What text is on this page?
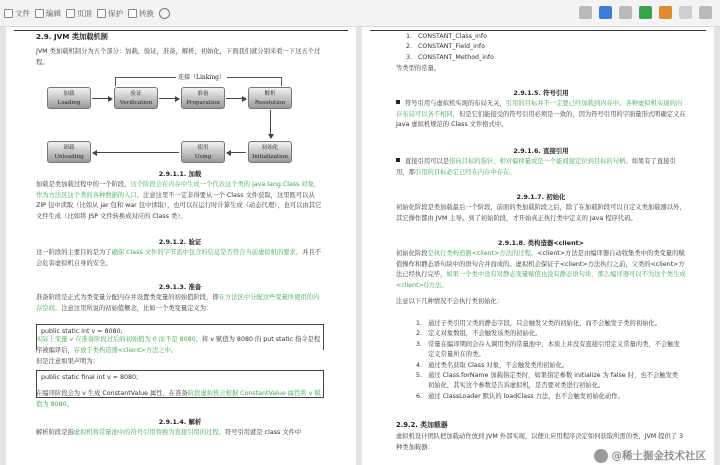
文件 编辑 页面 保护 转换
2.9. JVM 类加载机制

JVM 类加载机制分为五个部分：加载，验证，准备，解析，初始化，下面我们就分别来看一下这五个过程。

连接（Linking）
加载
Loading
验证
Verification
准备
Preparation
解析
Resolution
卸载
Unloading
使用
Using
初始化
Initialization
2.9.1.1. 加载

加载是类加载过程中的一个阶段，这个阶段会在内存中生成一个代表这个类的 java.lang.Class 对象，作为方法区这个类的各种数据的入口。注意这里不一定非得要从一个 Class 文件获取，这里既可以从 ZIP 包中读取（比如从 jar 包和 war 包中读取），也可以在运行时计算生成（动态代理），也可以由其它文件生成（比如将 JSP 文件转换成对应的 Class 类）。

2.9.1.2. 验证

这一阶段的主要目的是为了确保 Class 文件的字节流中包含的信息是否符合当前虚拟机的要求，并且不会危害虚拟机自身的安全。

2.9.1.3. 准备

准备阶段是正式为类变量分配内存并设置类变量的初始值阶段，即在方法区中分配这些变量所使用的内存空间。注意这里所说的初始值概念，比如一个类变量定义为：

public static int v = 8080;

实际上变量 v 在准备阶段过后的初始值为 0 而不是 8080，将 v 赋值为 8080 的 put static 指令是程序被编译后，存放于类构造器<client>方法之中。

但是注意如果声明为：

public static final int v = 8080;

在编译阶段会为 v 生成 ConstantValue 属性，在准备阶段虚拟机会根据 ConstantValue 属性将 v 赋值为 8080。

2.9.1.4. 解析

解析阶段是指虚拟机将常量池中的符号引用替换为直接引用的过程。符号引用就是 class 文件中

1. CONSTANT_Class_info
2. CONSTANT_Field_info
3. CONSTANT_Method_info

等类型的常量。

2.9.1.5. 符号引用

符号引用与虚拟机实现的布局无关，引用的目标并不一定要已经加载到内存中。各种虚拟机实现的内存布局可以各不相同，但是它们能接受的符号引用必须是一致的，因为符号引用的字面量形式明确定义在 Java 虚拟机规范的 Class 文件格式中。

2.9.1.6. 直接引用

直接引用可以是指向目标的指针，相对偏移量或是一个能间接定位到目标的句柄。如果有了直接引用，那引用的目标必定已经在内存中存在。

2.9.1.7. 初始化

初始化阶段是类加载最后一个阶段，前面的类加载阶段之后，除了在加载阶段可以自定义类加载器以外，其它操作都由 JVM 主导。到了初始阶段，才开始真正执行类中定义的 Java 程序代码。

2.9.1.8. 类构造器<client>

初始化阶段是执行类构造器<client>方法的过程。<client>方法是由编译器自动收集类中的类变量的赋值操作和静态语句块中的语句合并而成的。虚拟机会保证子<client>方法执行之前，父类的<client>方法已经执行完毕，如果一个类中没有对静态变量赋值也没有静态语句块，那么编译器可以不为这个类生成<client>()方法。

注意以下几种情况不会执行类初始化：

1. 通过子类引用父类的静态字段，只会触发父类的初始化，而不会触发子类的初始化。
2. 定义对象数组，不会触发该类的初始化。
3. 常量在编译期间会存入调用类的常量池中，本质上并没有直接引用定义常量的类，不会触发定义常量所在的类。
4. 通过类名获取 Class 对象，不会触发类的初始化。
5. 通过 Class.forName 加载指定类时，如果指定参数 initialize 为 false 时，也不会触发类初始化，其实这个参数是告诉虚拟机，是否要对类进行初始化。
6. 通过 ClassLoader 默认的 loadClass 方法，也不会触发初始化动作。
2.9.2. 类加载器

虚拟机设计团队把加载动作放到 JVM 外部实现，以便让应用程序决定如何获取所需的类，JVM 提供了 3 种类加载器：

@稀土掘金技术社区
